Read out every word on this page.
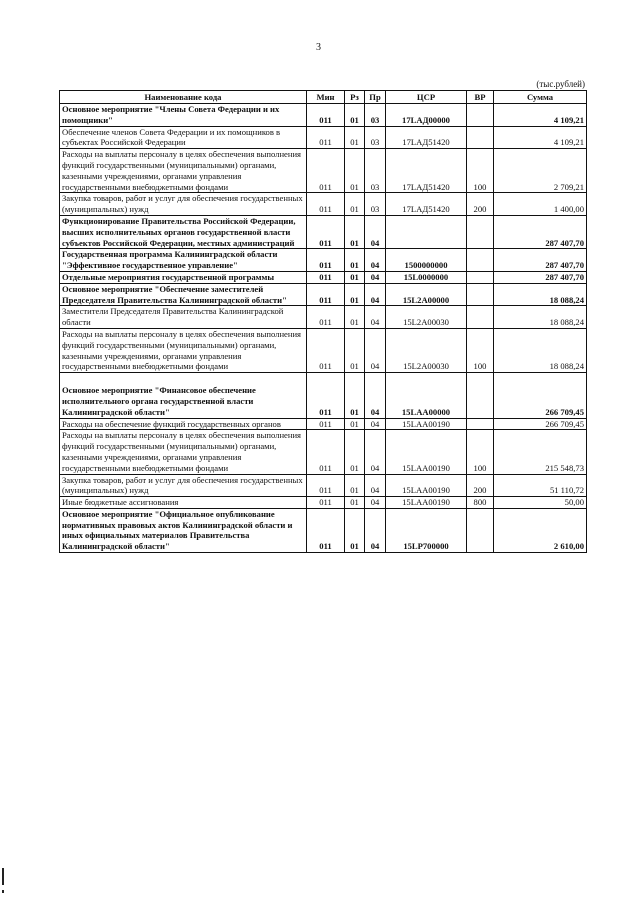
3
(тыс.рублей)
Наименование кода	Мин	Рз	Пр	ЦСР	ВР	Сумма
Основное мероприятие "Члены Совета Федерации и их помощники"	011	01	03	17LAД00000		4 109,21
Обеспечение членов Совета Федерации и их помощников в субъектах Российской Федерации	011	01	03	17LAД51420		4 109,21
Расходы на выплаты персоналу в целях обеспечения выполнения функций государственными (муниципальными) органами, казенными учреждениями, органами управления государственными внебюджетными фондами	011	01	03	17LAД51420	100	2 709,21
Закупка товаров, работ и услуг для обеспечения государственных (муниципальных) нужд	011	01	03	17LAД51420	200	1 400,00
Функционирование Правительства Российской Федерации, высших исполнительных органов государственной власти субъектов Российской Федерации, местных администраций	011	01	04			287 407,70
Государственная программа Калининградской области "Эффективное государственное управление"	011	01	04	1500000000		287 407,70
Отдельные мероприятия государственной программы	011	01	04	15L0000000		287 407,70
Основное мероприятие "Обеспечение заместителей Председателя Правительства Калининградской области"	011	01	04	15L2A00000		18 088,24
Заместители Председателя Правительства Калининградской области	011	01	04	15L2A00030		18 088,24
Расходы на выплаты персоналу в целях обеспечения выполнения функций государственными (муниципальными) органами, казенными учреждениями, органами управления государственными внебюджетными фондами	011	01	04	15L2A00030	100	18 088,24
Основное мероприятие "Финансовое обеспечение исполнительного органа государственной власти Калининградской области"	011	01	04	15LAA00000		266 709,45
Расходы на обеспечение функций государственных органов	011	01	04	15LAA00190		266 709,45
Расходы на выплаты персоналу в целях обеспечения выполнения функций государственными (муниципальными) органами, казенными учреждениями, органами управления государственными внебюджетными фондами	011	01	04	15LAA00190	100	215 548,73
Закупка товаров, работ и услуг для обеспечения государственных (муниципальных) нужд	011	01	04	15LAA00190	200	51 110,72
Иные бюджетные ассигнования	011	01	04	15LAA00190	800	50,00
Основное мероприятие "Официальное опубликование нормативных правовых актов Калининградской области и иных официальных материалов Правительства Калининградской области"	011	01	04	15LP700000		2 610,00
